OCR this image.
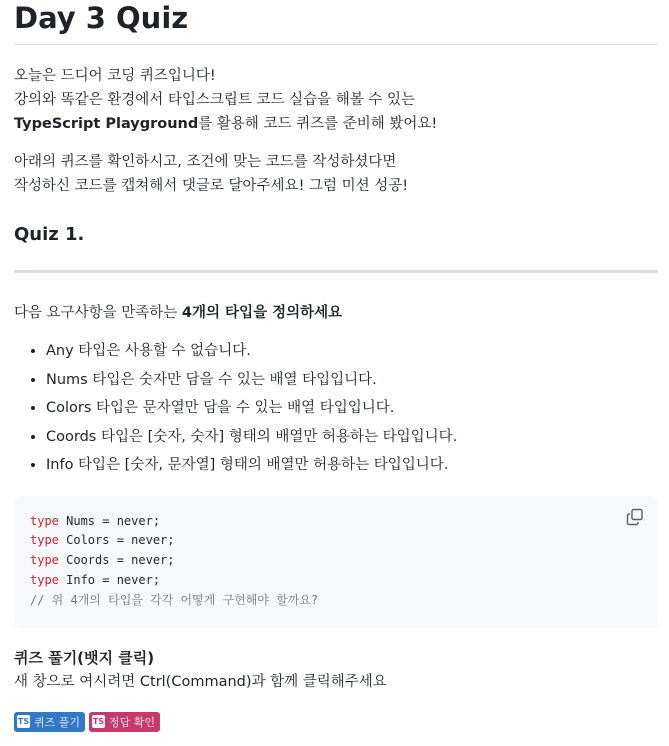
Day 3 Quiz

오늘은 드디어 코딩 퀴즈입니다!
강의와 똑같은 환경에서 타입스크립트 코드 실습을 해볼 수 있는
TypeScript Playground를 활용해 코드 퀴즈를 준비해 봤어요!

아래의 퀴즈를 확인하시고, 조건에 맞는 코드를 작성하셨다면
작성하신 코드를 캡쳐해서 댓글로 달아주세요! 그럼 미션 성공!

Quiz 1.

다음 요구사항을 만족하는 4개의 타입을 정의하세요

• Any 타입은 사용할 수 없습니다.
• Nums 타입은 숫자만 담을 수 있는 배열 타입입니다.
• Colors 타입은 문자열만 담을 수 있는 배열 타입입니다.
• Coords 타입은 [숫자, 숫자] 형태의 배열만 허용하는 타입입니다.
• Info 타입은 [숫자, 문자열] 형태의 배열만 허용하는 타입입니다.
type Nums = never;
type Colors = never;
type Coords = never;
type Info = never;
// 위 4개의 타입을 각각 어떻게 구현해야 할까요?
퀴즈 풀기(뱃지 클릭)

새 창으로 여시려면 Ctrl(Command)과 함께 클릭해주세요

TS 퀴즈 풀기 TS 정답 확인
